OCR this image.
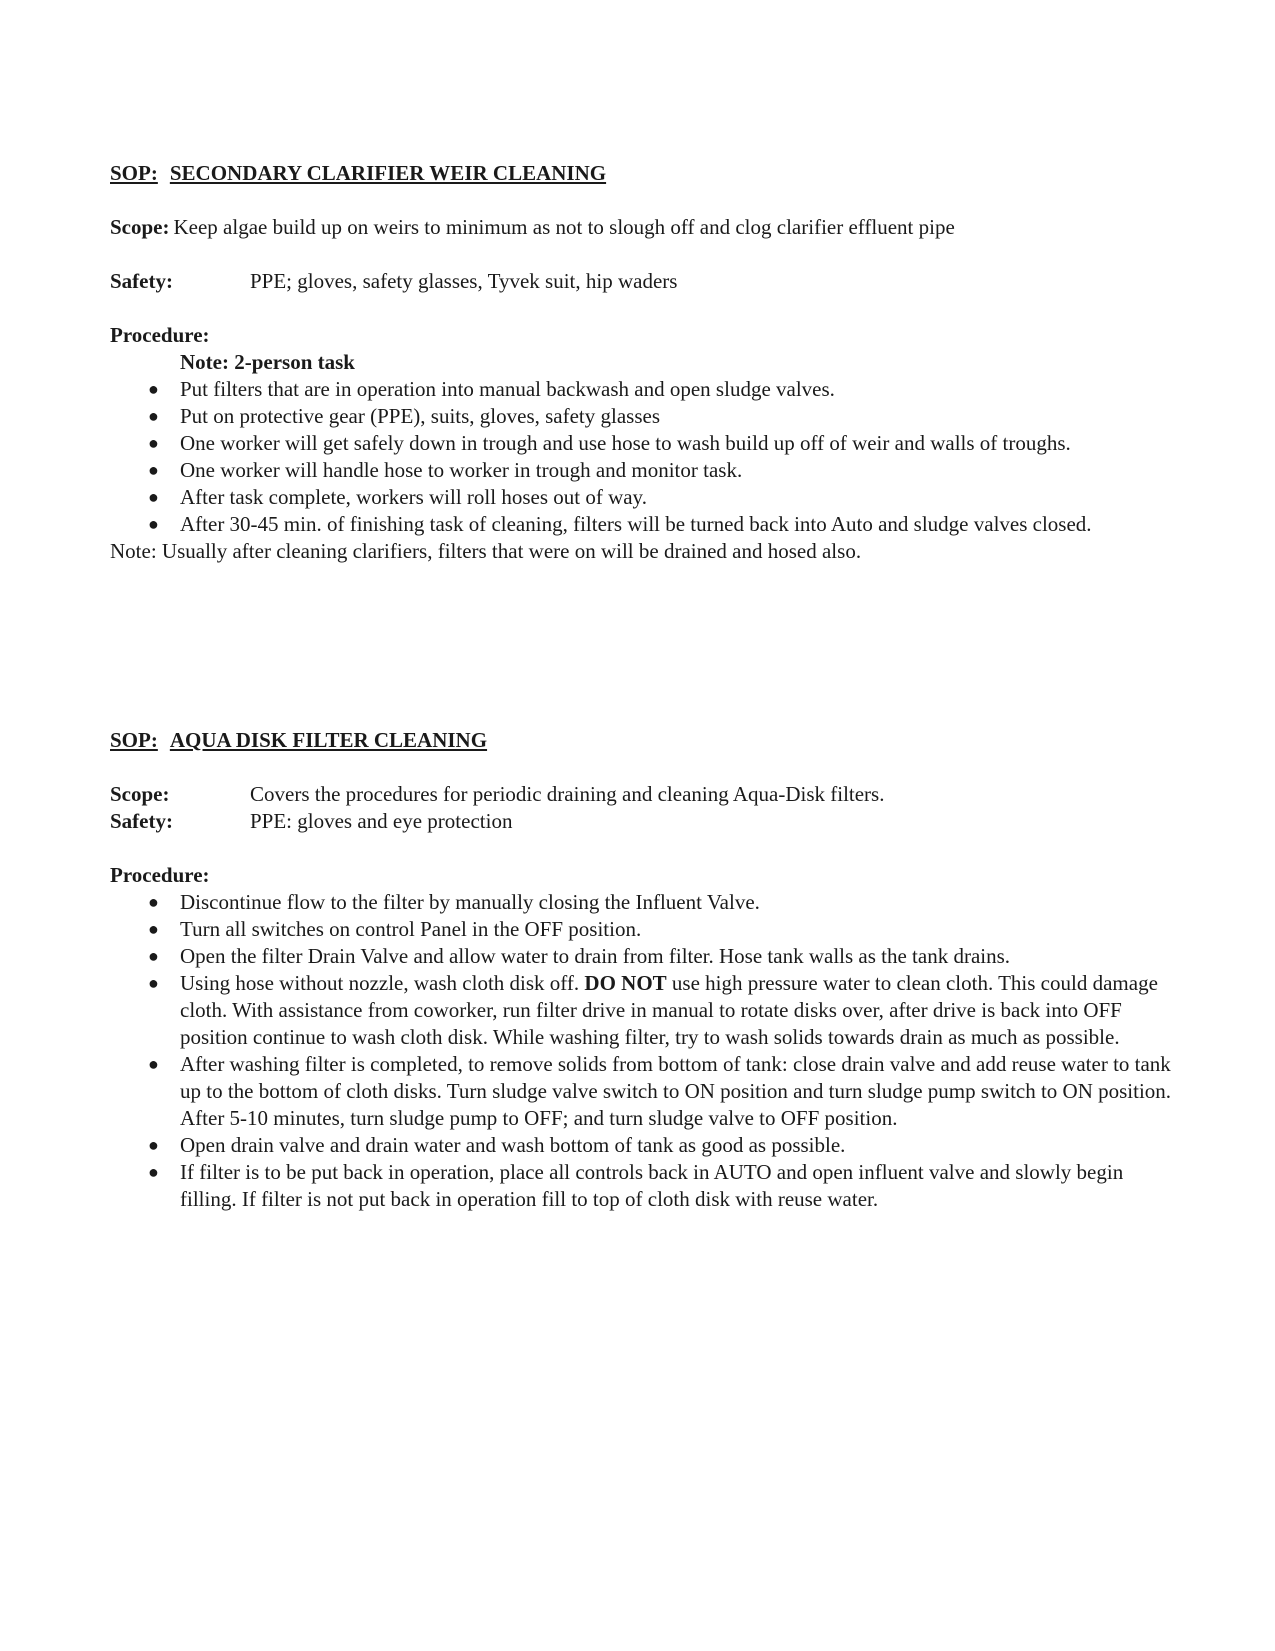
SOP: SECONDARY CLARIFIER WEIR CLEANING
Scope: Keep algae build up on weirs to minimum as not to slough off and clog clarifier effluent pipe
Safety:	PPE; gloves, safety glasses, Tyvek suit, hip waders
Procedure:
Note: 2-person task
● Put filters that are in operation into manual backwash and open sludge valves.
● Put on protective gear (PPE), suits, gloves, safety glasses
● One worker will get safely down in trough and use hose to wash build up off of weir and walls of troughs.
● One worker will handle hose to worker in trough and monitor task.
● After task complete, workers will roll hoses out of way.
● After 30-45 min. of finishing task of cleaning, filters will be turned back into Auto and sludge valves closed.
Note: Usually after cleaning clarifiers, filters that were on will be drained and hosed also.
SOP: AQUA DISK FILTER CLEANING
Scope:	Covers the procedures for periodic draining and cleaning Aqua-Disk filters.
Safety:	PPE: gloves and eye protection
Procedure:
● Discontinue flow to the filter by manually closing the Influent Valve.
● Turn all switches on control Panel in the OFF position.
● Open the filter Drain Valve and allow water to drain from filter. Hose tank walls as the tank drains.
● Using hose without nozzle, wash cloth disk off. DO NOT use high pressure water to clean cloth. This could damage cloth. With assistance from coworker, run filter drive in manual to rotate disks over, after drive is back into OFF position continue to wash cloth disk. While washing filter, try to wash solids towards drain as much as possible.
● After washing filter is completed, to remove solids from bottom of tank: close drain valve and add reuse water to tank up to the bottom of cloth disks. Turn sludge valve switch to ON position and turn sludge pump switch to ON position. After 5-10 minutes, turn sludge pump to OFF; and turn sludge valve to OFF position.
● Open drain valve and drain water and wash bottom of tank as good as possible.
● If filter is to be put back in operation, place all controls back in AUTO and open influent valve and slowly begin filling. If filter is not put back in operation fill to top of cloth disk with reuse water.
